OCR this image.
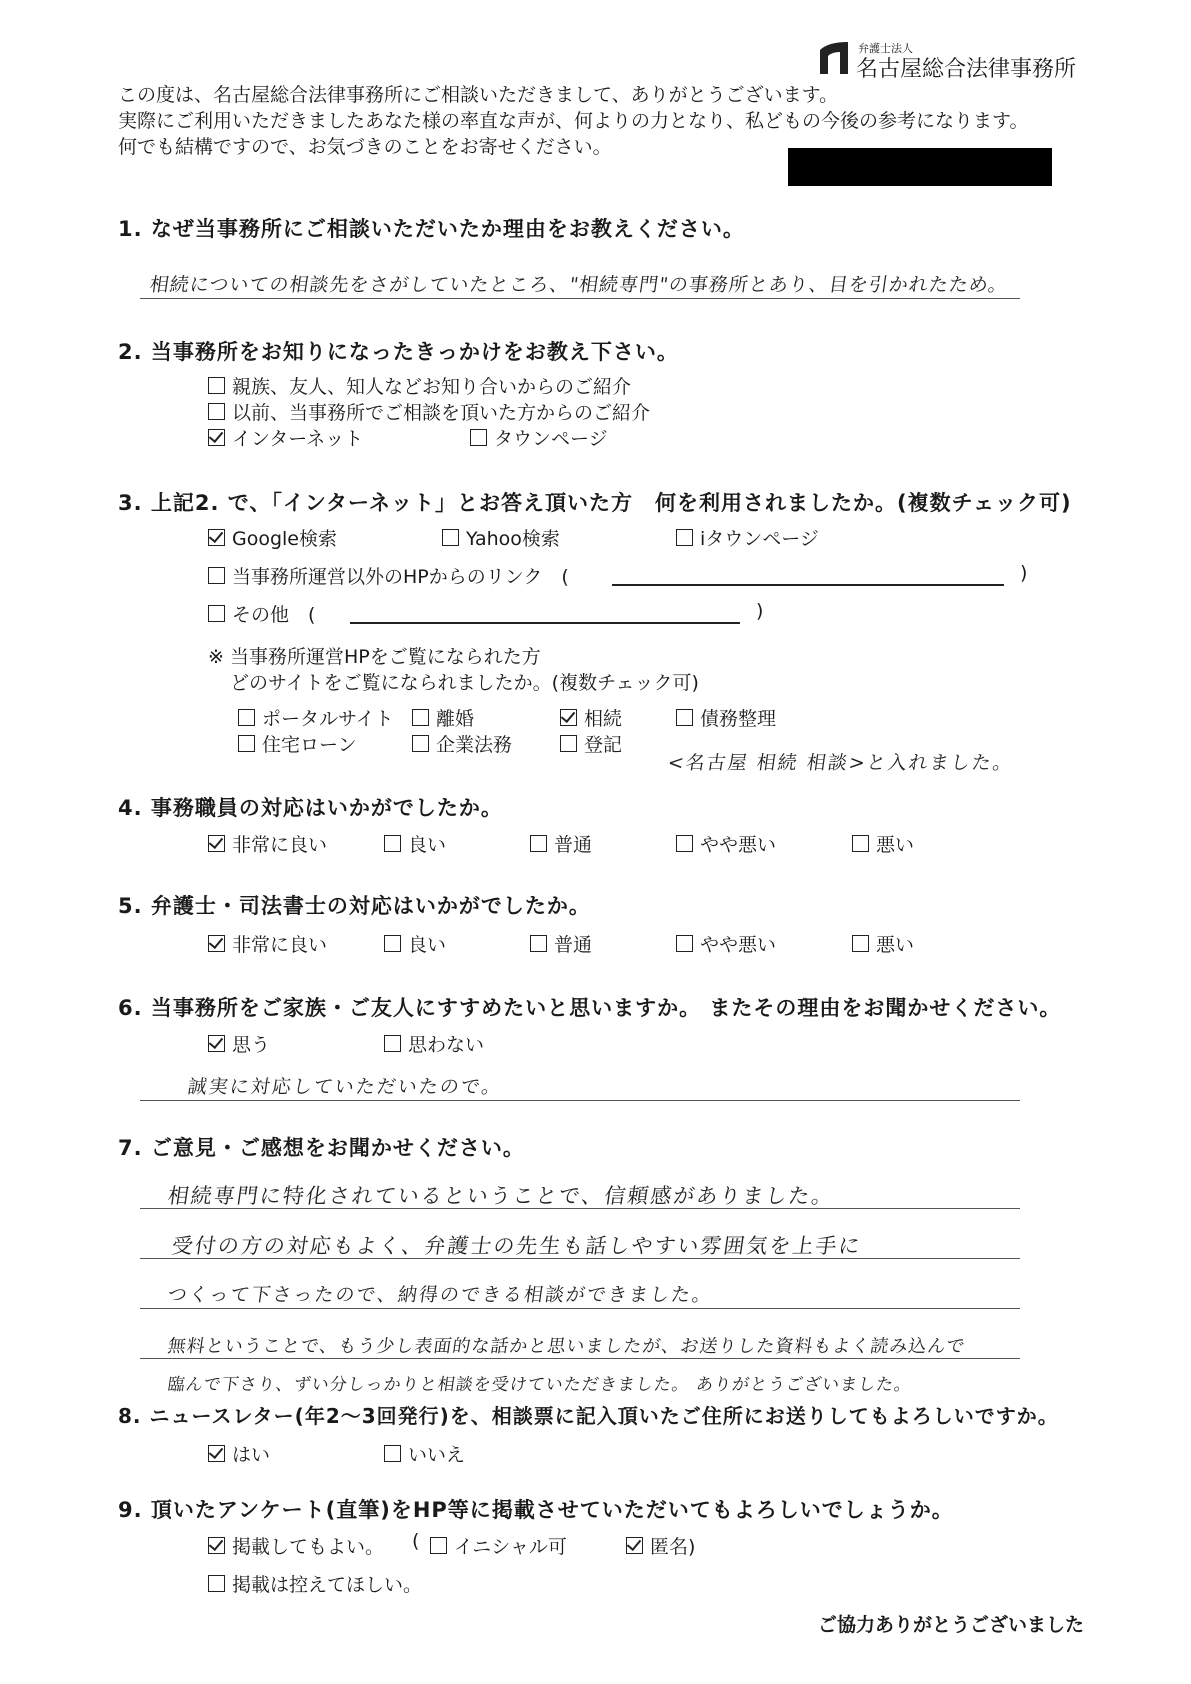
弁護士法人
名古屋総合法律事務所
この度は、名古屋総合法律事務所にご相談いただきまして、ありがとうございます。
実際にご利用いただきましたあなた様の率直な声が、何よりの力となり、私どもの今後の参考になります。
何でも結構ですので、お気づきのことをお寄せください。
1. なぜ当事務所にご相談いただいたか理由をお教えください。
相続についての相談先をさがしていたところ、"相続専門"の事務所とあり、目を引かれたため。
2. 当事務所をお知りになったきっかけをお教え下さい。
親族、友人、知人などお知り合いからのご紹介
以前、当事務所でご相談を頂いた方からのご紹介
インターネット	タウンページ
3. 上記2. で、「インターネット」とお答え頂いた方　何を利用されましたか。(複数チェック可)
Google検索	Yahoo検索	iタウンページ
当事務所運営以外のHPからのリンク　(	)
その他　(	)
※ 当事務所運営HPをご覧になられた方
どのサイトをご覧になられましたか。(複数チェック可)
ポータルサイト 離婚	相続	債務整理
住宅ローン	企業法務	登記
<名古屋 相続 相談>と入れました。
4. 事務職員の対応はいかがでしたか。
非常に良い	良い	普通	やや悪い	悪い
5. 弁護士・司法書士の対応はいかがでしたか。
非常に良い	良い	普通	やや悪い	悪い
6. 当事務所をご家族・ご友人にすすめたいと思いますか。 またその理由をお聞かせください。
思う	思わない
誠実に対応していただいたので。
7. ご意見・ご感想をお聞かせください。
相続専門に特化されているということで、信頼感がありました。
受付の方の対応もよく、弁護士の先生も話しやすい雰囲気を上手に
つくって下さったので、納得のできる相談ができました。
無料ということで、もう少し表面的な話かと思いましたが、お送りした資料もよく読み込んで
臨んで下さり、ずい分しっかりと相談を受けていただきました。 ありがとうございました。
8. ニュースレター(年2〜3回発行)を、相談票に記入頂いたご住所にお送りしてもよろしいですか。
はい	いいえ
9. 頂いたアンケート(直筆)をHP等に掲載させていただいてもよろしいでしょうか。
掲載してもよい。 ( イニシャル可	匿名)
掲載は控えてほしい。
ご協力ありがとうございました
